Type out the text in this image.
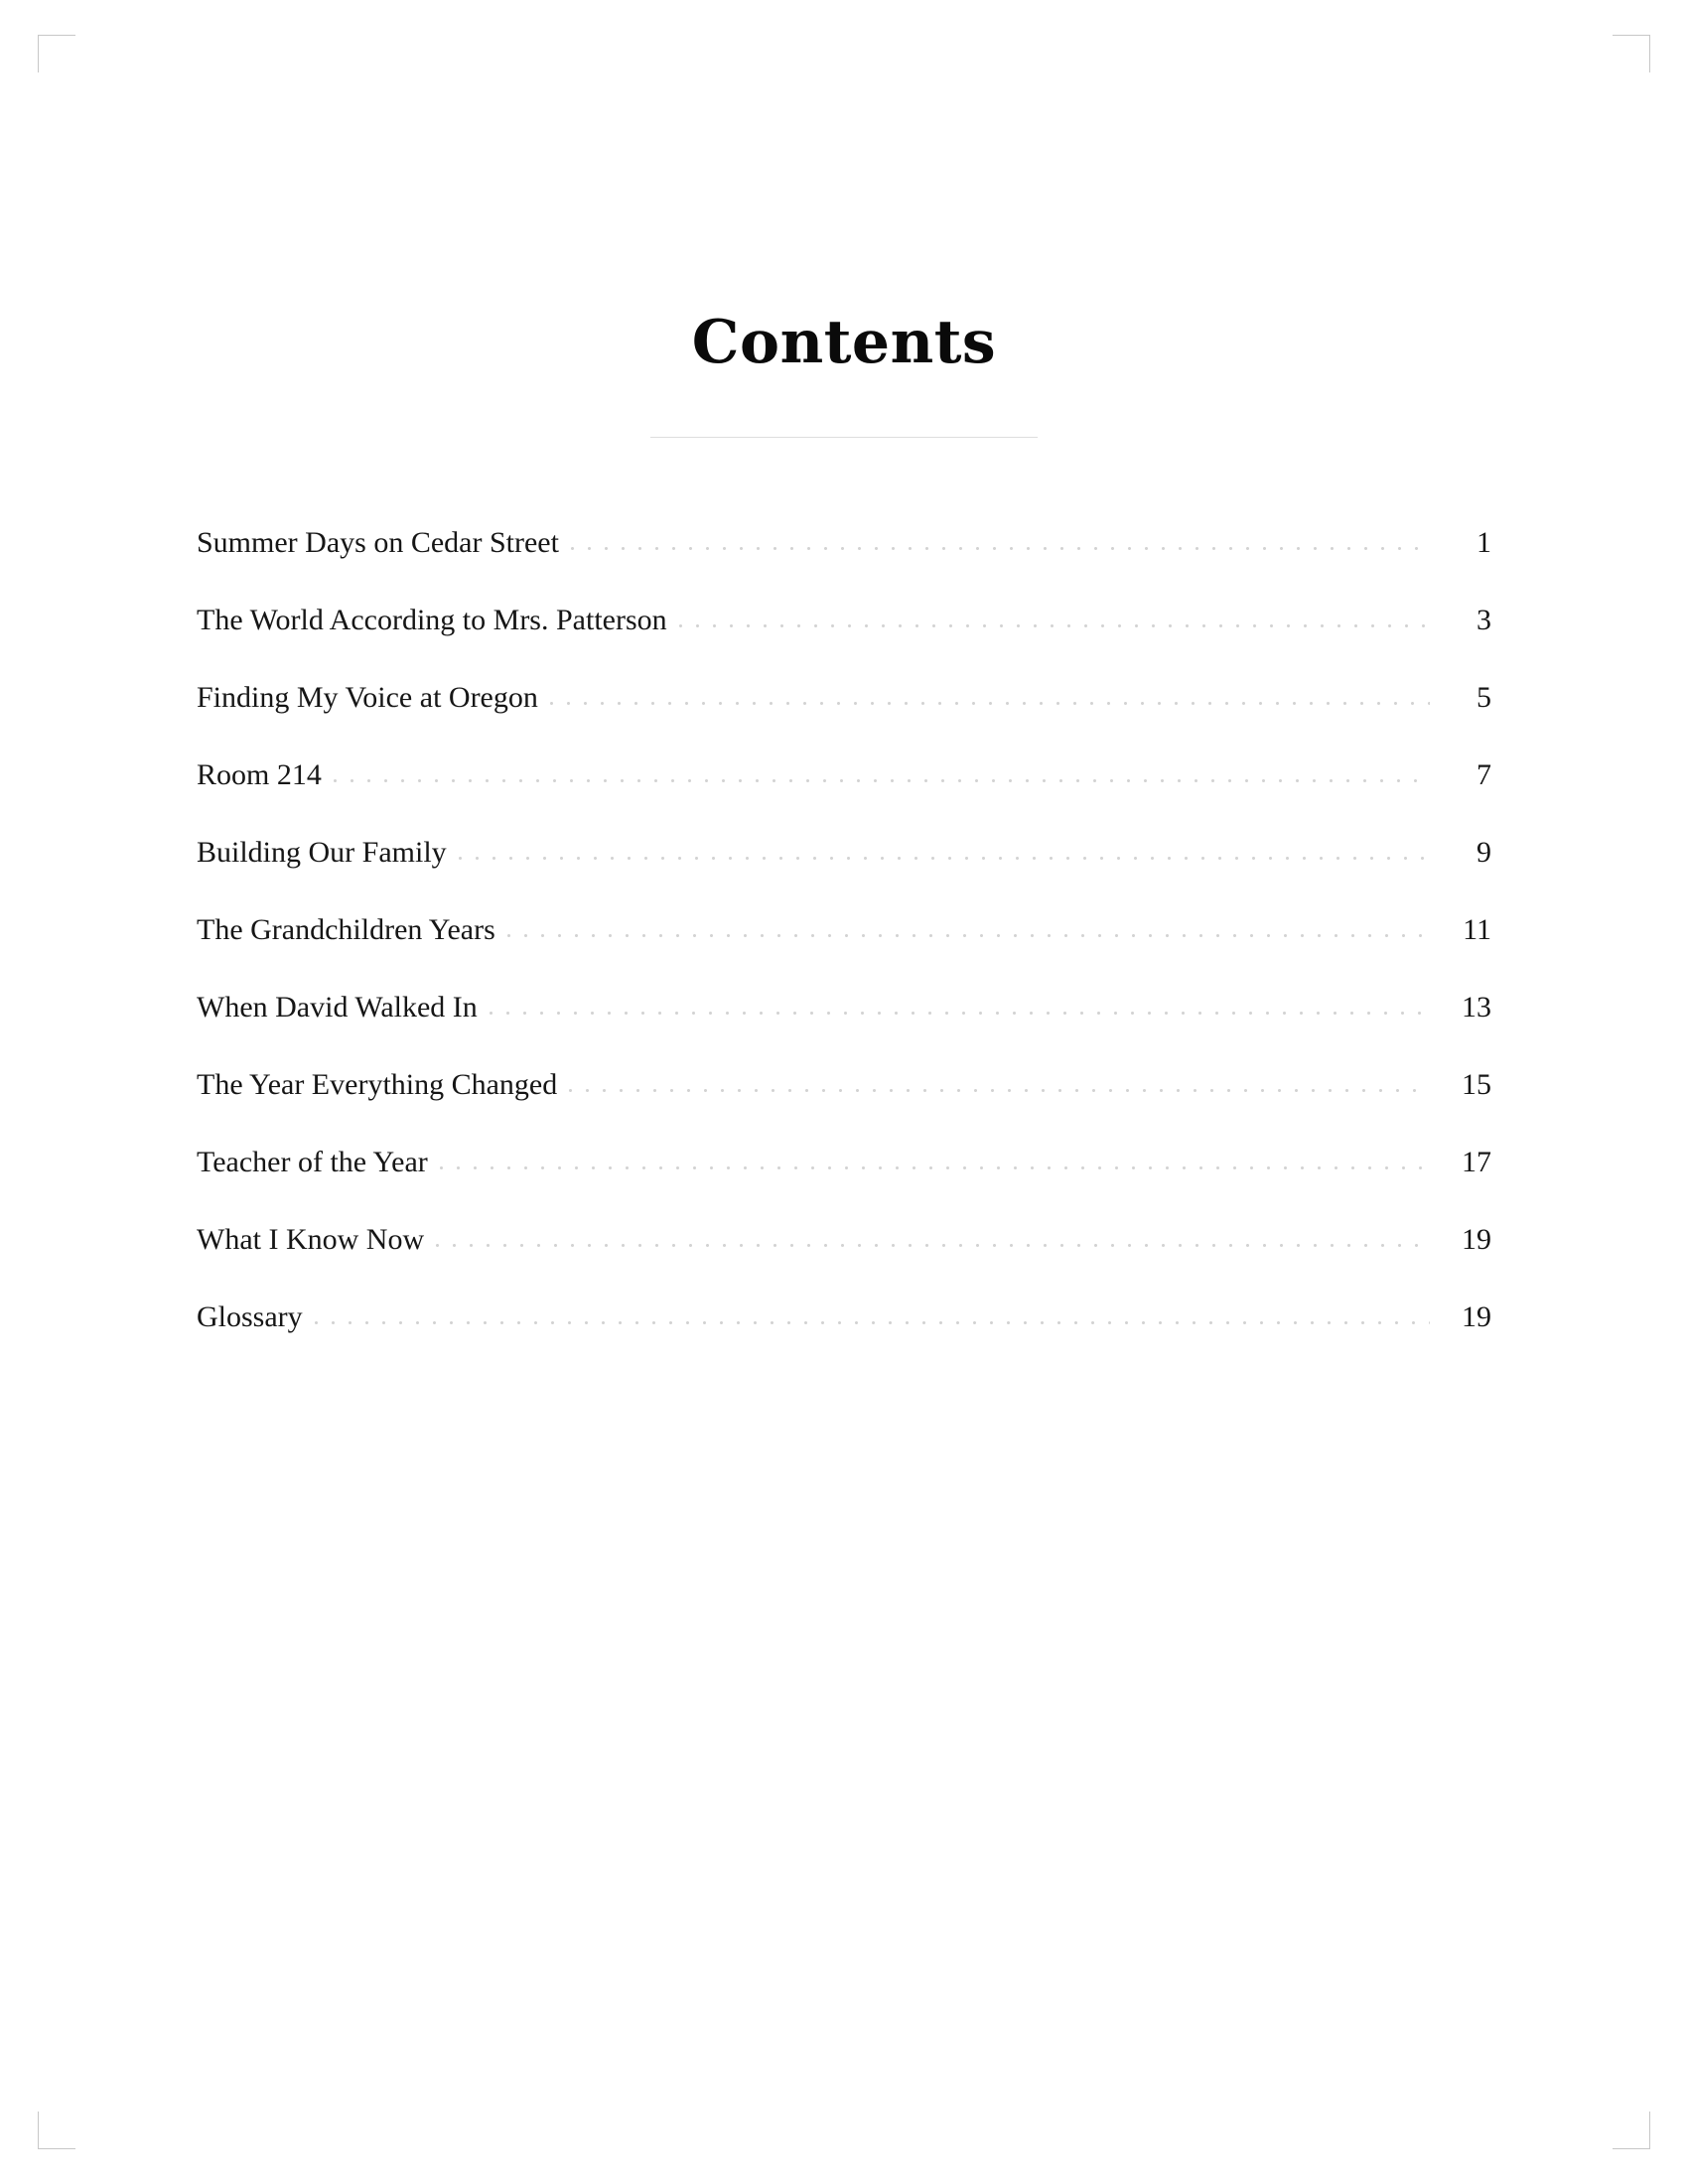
Contents
Summer Days on Cedar Street	1
The World According to Mrs. Patterson	3
Finding My Voice at Oregon	5
Room 214	7
Building Our Family	9
The Grandchildren Years	11
When David Walked In	13
The Year Everything Changed	15
Teacher of the Year	17
What I Know Now	19
Glossary	19
